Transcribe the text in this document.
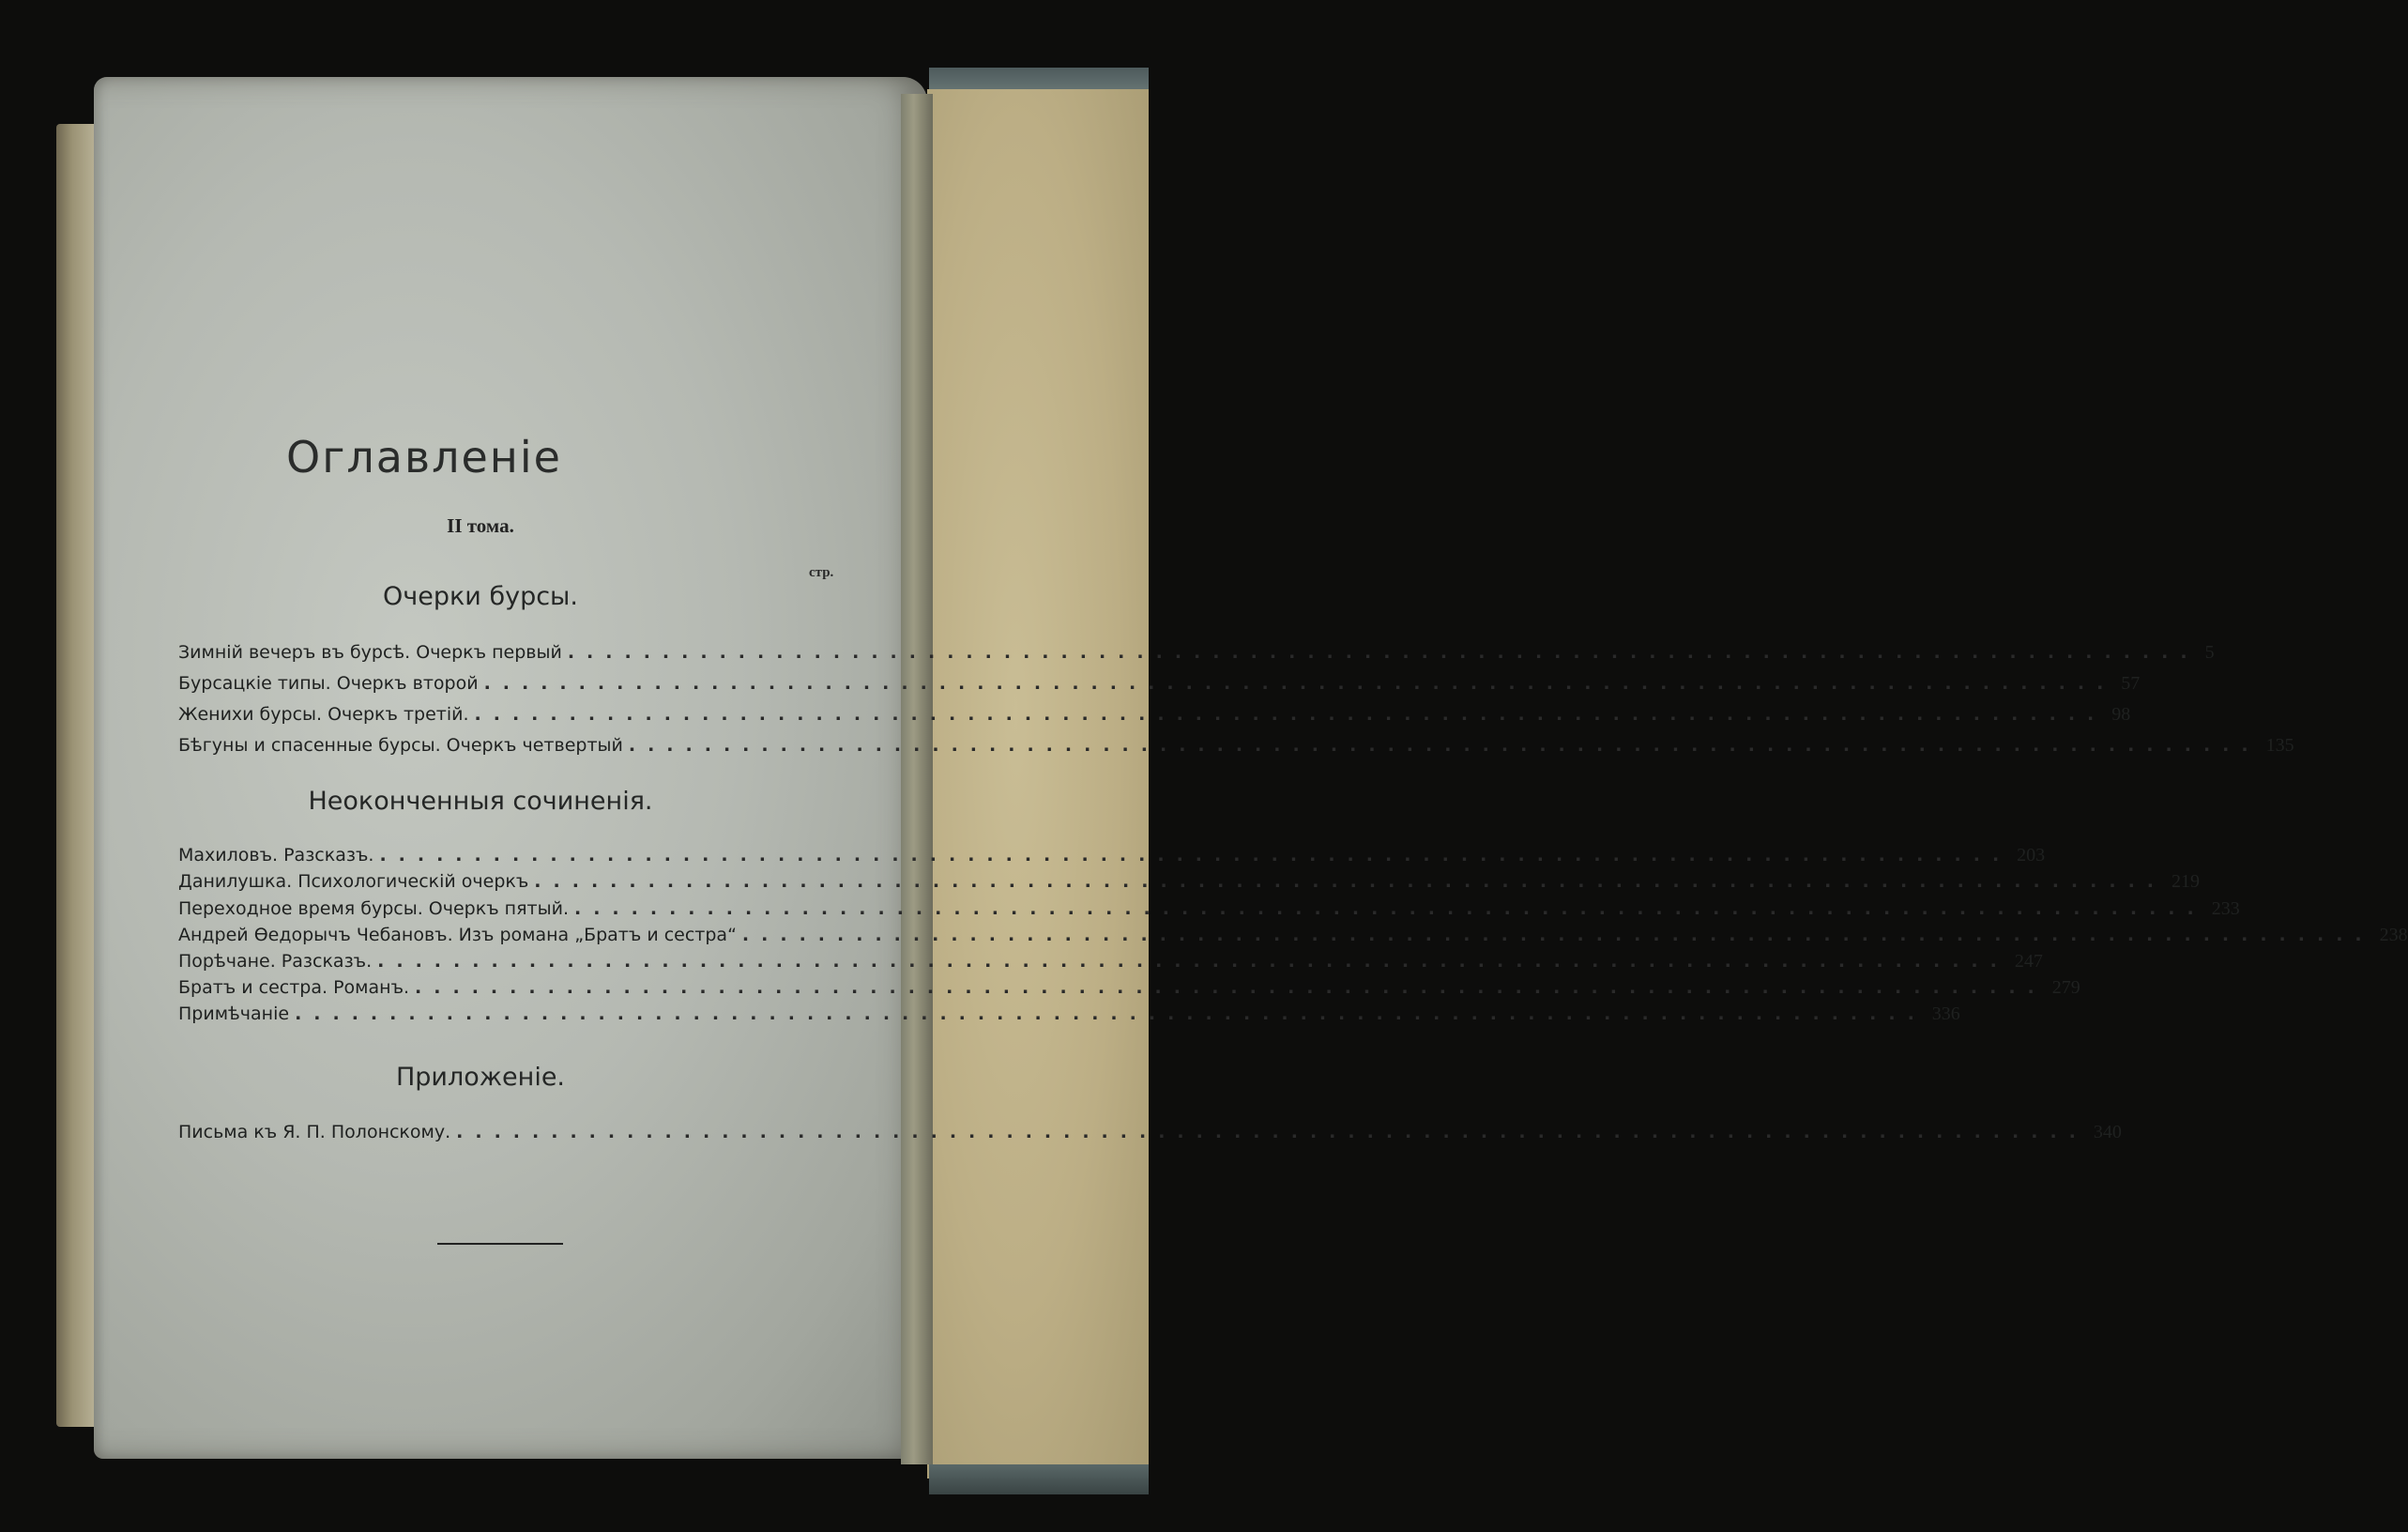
Оглавленіе

II тома.

стр.
Очерки бурсы.
Зимній вечеръ въ бурсѣ. Очеркъ первый ...................................................................................... 5
Бурсацкіе типы. Очеркъ второй ...................................................................................... 57
Женихи бурсы. Очеркъ третій. ...................................................................................... 98
Бѣгуны и спасенные бурсы. Очеркъ четвертый ...................................................................................... 135
Неоконченныя сочиненія.
Махиловъ. Разсказъ. ...................................................................................... 203
Данилушка. Психологическій очеркъ ...................................................................................... 219
Переходное время бурсы. Очеркъ пятый. ...................................................................................... 233
Андрей Өедорычъ Чебановъ. Изъ романа „Братъ и сестра“ ...................................................................................... 238
Порѣчане. Разсказъ. ...................................................................................... 247
Братъ и сестра. Романъ. ...................................................................................... 279
Примѣчаніе ...................................................................................... 336
Приложеніе.
Письма къ Я. П. Полонскому. ...................................................................................... 340
